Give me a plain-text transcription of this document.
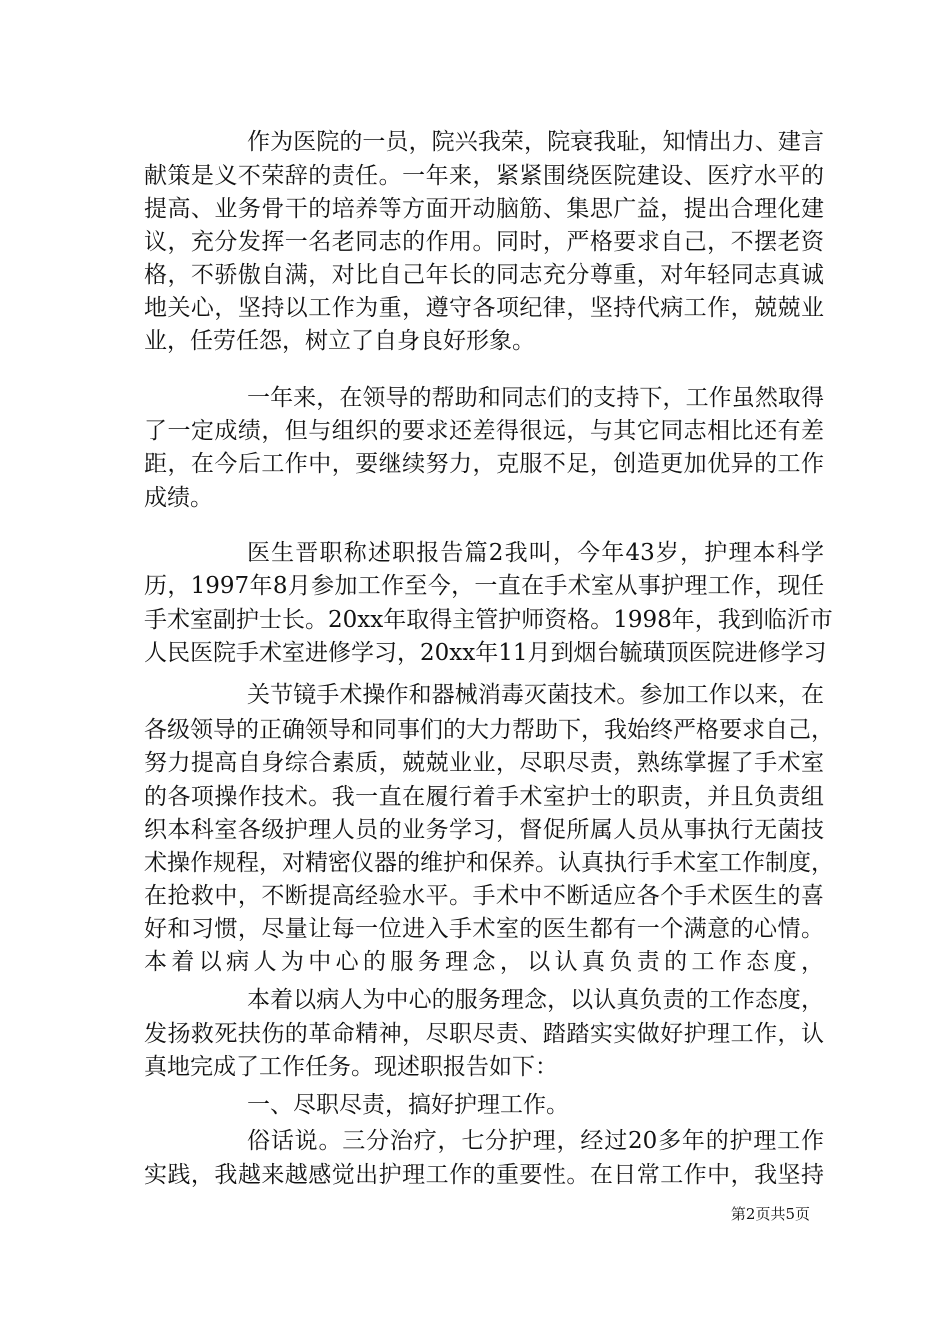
作为医院的一员，院兴我荣，院衰我耻，知情出力、建言
献策是义不荣辞的责任。一年来，紧紧围绕医院建设、医疗水平的
提高、业务骨干的培养等方面开动脑筋、集思广益，提出合理化建
议，充分发挥一名老同志的作用。同时，严格要求自己，不摆老资
格，不骄傲自满，对比自己年长的同志充分尊重，对年轻同志真诚
地关心，坚持以工作为重，遵守各项纪律，坚持代病工作，兢兢业
业，任劳任怨，树立了自身良好形象。
一年来，在领导的帮助和同志们的支持下，工作虽然取得
了一定成绩，但与组织的要求还差得很远，与其它同志相比还有差
距，在今后工作中，要继续努力，克服不足，创造更加优异的工作
成绩。
医生晋职称述职报告篇2我叫，今年43岁，护理本科学
历，1997年8月参加工作至今，一直在手术室从事护理工作，现任
手术室副护士长。20xx年取得主管护师资格。1998年，我到临沂市
人民医院手术室进修学习，20xx年11月到烟台毓璜顶医院进修学习
关节镜手术操作和器械消毒灭菌技术。参加工作以来，在
各级领导的正确领导和同事们的大力帮助下，我始终严格要求自己，
努力提高自身综合素质，兢兢业业，尽职尽责，熟练掌握了手术室
的各项操作技术。我一直在履行着手术室护士的职责，并且负责组
织本科室各级护理人员的业务学习，督促所属人员从事执行无菌技
术操作规程，对精密仪器的维护和保养。认真执行手术室工作制度，
在抢救中，不断提高经验水平。手术中不断适应各个手术医生的喜
好和习惯，尽量让每一位进入手术室的医生都有一个满意的心情。
本着以病人为中心的服务理念，以认真负责的工作态度，
本着以病人为中心的服务理念，以认真负责的工作态度，
发扬救死扶伤的革命精神，尽职尽责、踏踏实实做好护理工作，认
真地完成了工作任务。现述职报告如下：
一、尽职尽责，搞好护理工作。
俗话说。三分治疗，七分护理，经过20多年的护理工作
实践，我越来越感觉出护理工作的重要性。在日常工作中，我坚持
第2页共5页
